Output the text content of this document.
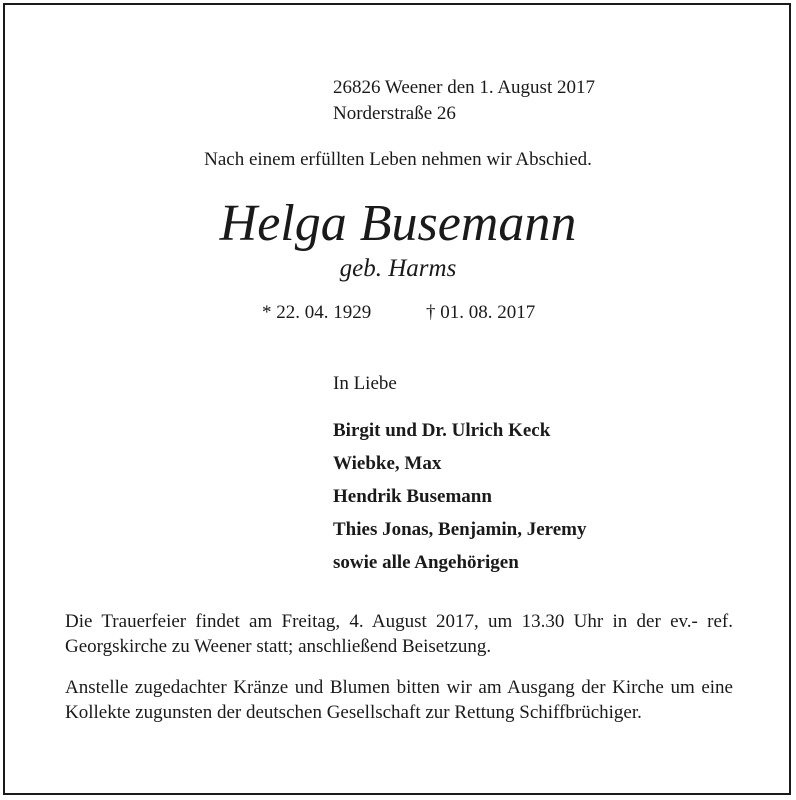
26826 Weener den 1. August 2017
Norderstraße 26
Nach einem erfüllten Leben nehmen wir Abschied.
Helga Busemann
geb. Harms
* 22. 04. 1929	† 01. 08. 2017
In Liebe
Birgit und Dr. Ulrich Keck
Wiebke, Max
Hendrik Busemann
Thies Jonas, Benjamin, Jeremy
sowie alle Angehörigen
Die Trauerfeier findet am Freitag, 4. August 2017, um 13.30 Uhr in der ev.- ref. Georgskirche zu Weener statt; anschließend Beisetzung.
Anstelle zugedachter Kränze und Blumen bitten wir am Ausgang der Kirche um eine Kollekte zugunsten der deutschen Gesellschaft zur Rettung Schiffbrüchiger.
